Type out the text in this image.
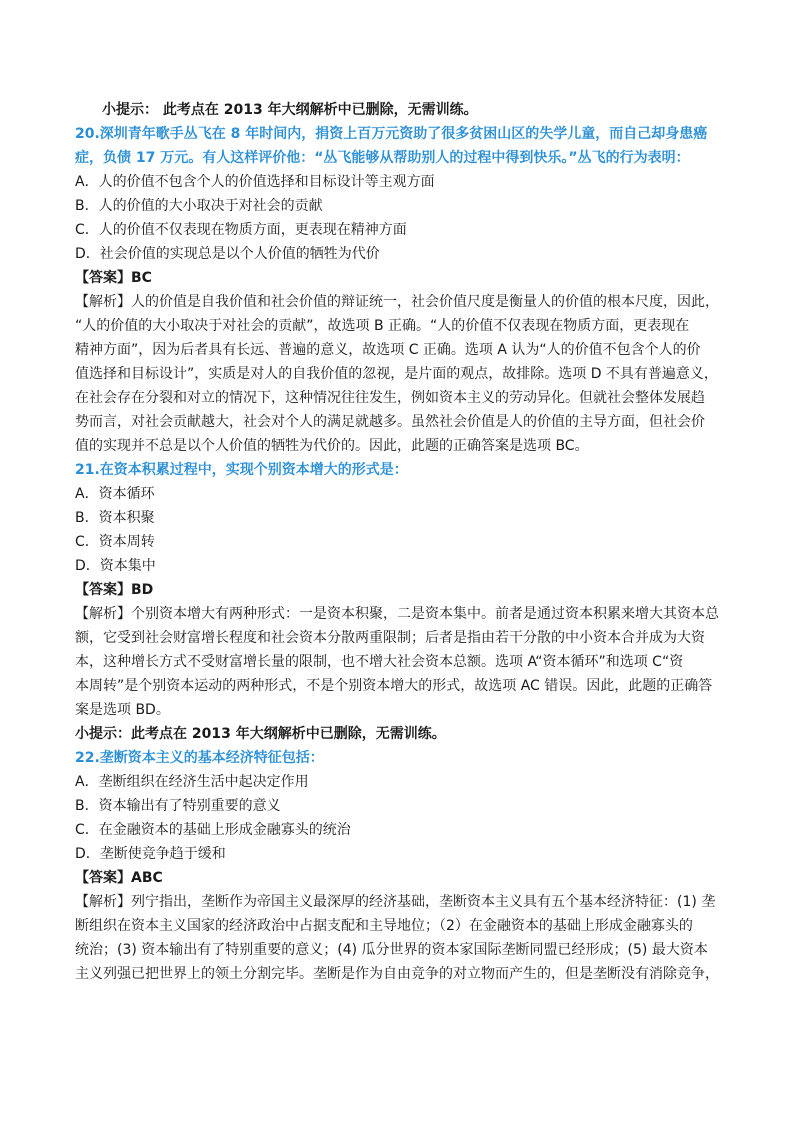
小提示： 此考点在 2013 年大纲解析中已删除，无需训练。
20.深圳青年歌手丛飞在 8 年时间内，捐资上百万元资助了很多贫困山区的失学儿童，而自己却身患癌
症，负债 17 万元。有人这样评价他：“丛飞能够从帮助别人的过程中得到快乐。”丛飞的行为表明：
A．人的价值不包含个人的价值选择和目标设计等主观方面
B．人的价值的大小取决于对社会的贡献
C．人的价值不仅表现在物质方面，更表现在精神方面
D．社会价值的实现总是以个人价值的牺牲为代价
【答案】BC
【解析】人的价值是自我价值和社会价值的辩证统一，社会价值尺度是衡量人的价值的根本尺度，因此，
“人的价值的大小取决于对社会的贡献”，故选项 B 正确。“人的价值不仅表现在物质方面，更表现在
精神方面”，因为后者具有长远、普遍的意义，故选项 C 正确。选项 A 认为“人的价值不包含个人的价
值选择和目标设计”，实质是对人的自我价值的忽视，是片面的观点，故排除。选项 D 不具有普遍意义，
在社会存在分裂和对立的情况下，这种情况往往发生，例如资本主义的劳动异化。但就社会整体发展趋
势而言，对社会贡献越大，社会对个人的满足就越多。虽然社会价值是人的价值的主导方面，但社会价
值的实现并不总是以个人价值的牺牲为代价的。因此，此题的正确答案是选项 BC。
21.在资本积累过程中，实现个别资本增大的形式是：
A．资本循环
B．资本积聚
C．资本周转
D．资本集中
【答案】BD
【解析】个别资本增大有两种形式：一是资本积聚，二是资本集中。前者是通过资本积累来增大其资本总
额，它受到社会财富增长程度和社会资本分散两重限制；后者是指由若干分散的中小资本合并成为大资
本，这种增长方式不受财富增长量的限制，也不增大社会资本总额。选项 A“资本循环”和选项 C“资
本周转”是个别资本运动的两种形式，不是个别资本增大的形式，故选项 AC 错误。因此，此题的正确答
案是选项 BD。
小提示：此考点在 2013 年大纲解析中已删除，无需训练。
22.垄断资本主义的基本经济特征包括：
A．垄断组织在经济生活中起决定作用
B．资本输出有了特别重要的意义
C．在金融资本的基础上形成金融寡头的统治
D．垄断使竞争趋于缓和
【答案】ABC
【解析】列宁指出，垄断作为帝国主义最深厚的经济基础，垄断资本主义具有五个基本经济特征：(1) 垄
断组织在资本主义国家的经济政治中占据支配和主导地位；（2）在金融资本的基础上形成金融寡头的
统治；(3) 资本输出有了特别重要的意义；(4) 瓜分世界的资本家国际垄断同盟已经形成；(5) 最大资本
主义列强已把世界上的领土分割完毕。垄断是作为自由竞争的对立物而产生的，但是垄断没有消除竞争，
